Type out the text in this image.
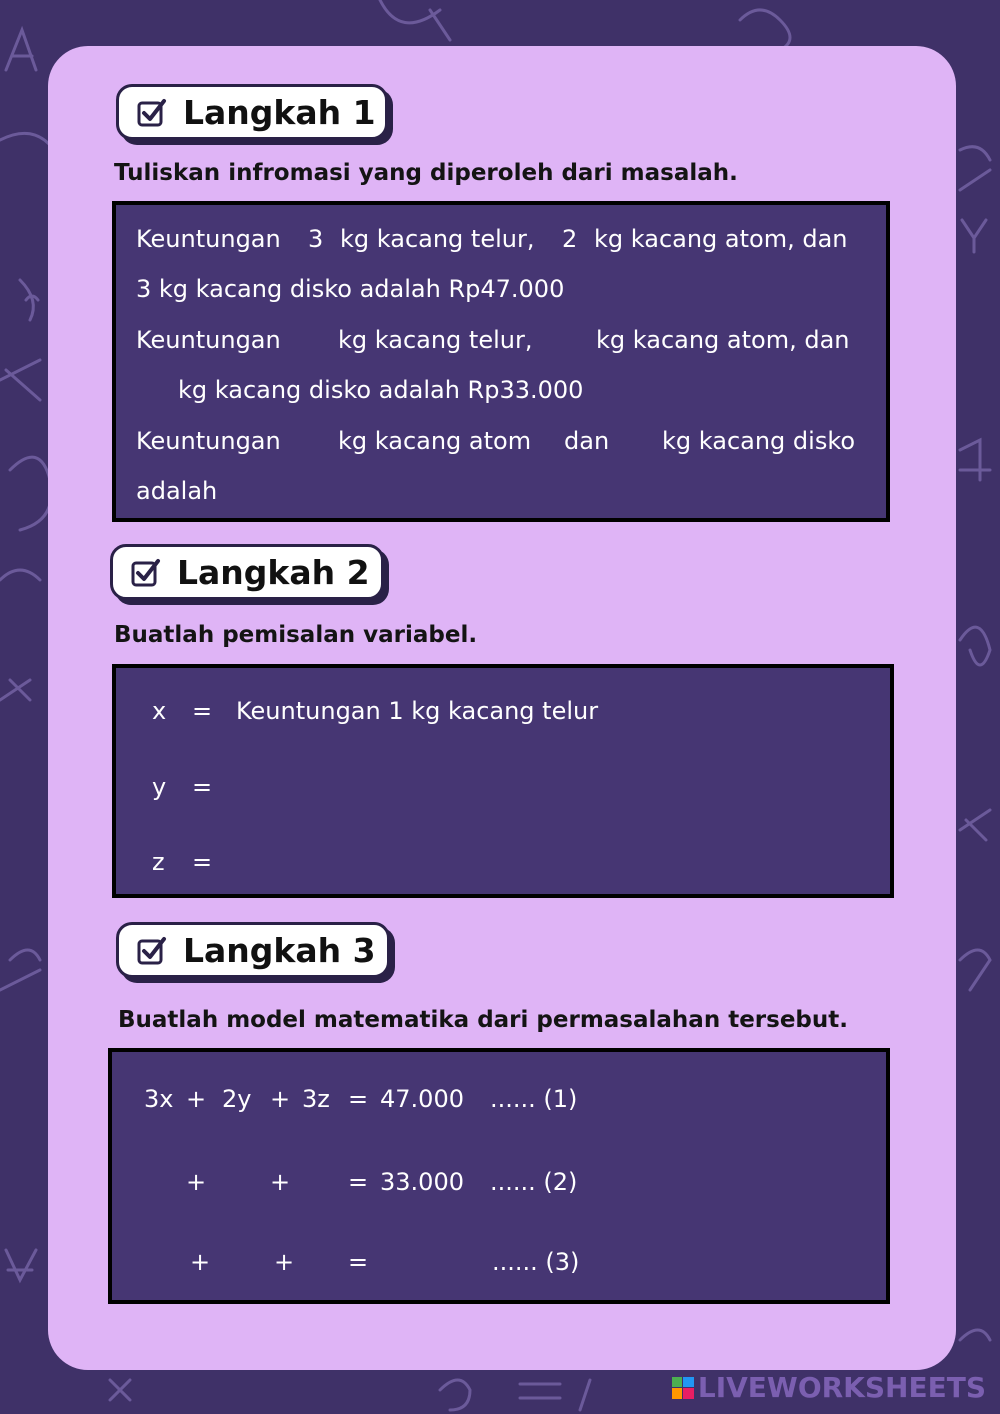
Langkah 1
Tuliskan infromasi yang diperoleh dari masalah.
Keuntungan 3 kg kacang telur, 2 kg kacang atom, dan
3 kg kacang disko adalah Rp47.000
Keuntungan kg kacang telur,	kg kacang atom, dan
kg kacang disko adalah Rp33.000
Keuntungan kg kacang atom dan kg kacang disko
adalah
Langkah 2
Buatlah pemisalan variabel.
x = Keuntungan 1 kg kacang telur
y =
z =
Langkah 3
Buatlah model matematika dari permasalahan tersebut.
3x + 2y + 3z = 47.000 ...... (1)
+	+ = 33.000 ...... (2)
+	+ =	...... (3)
LIVEWORKSHEETS
